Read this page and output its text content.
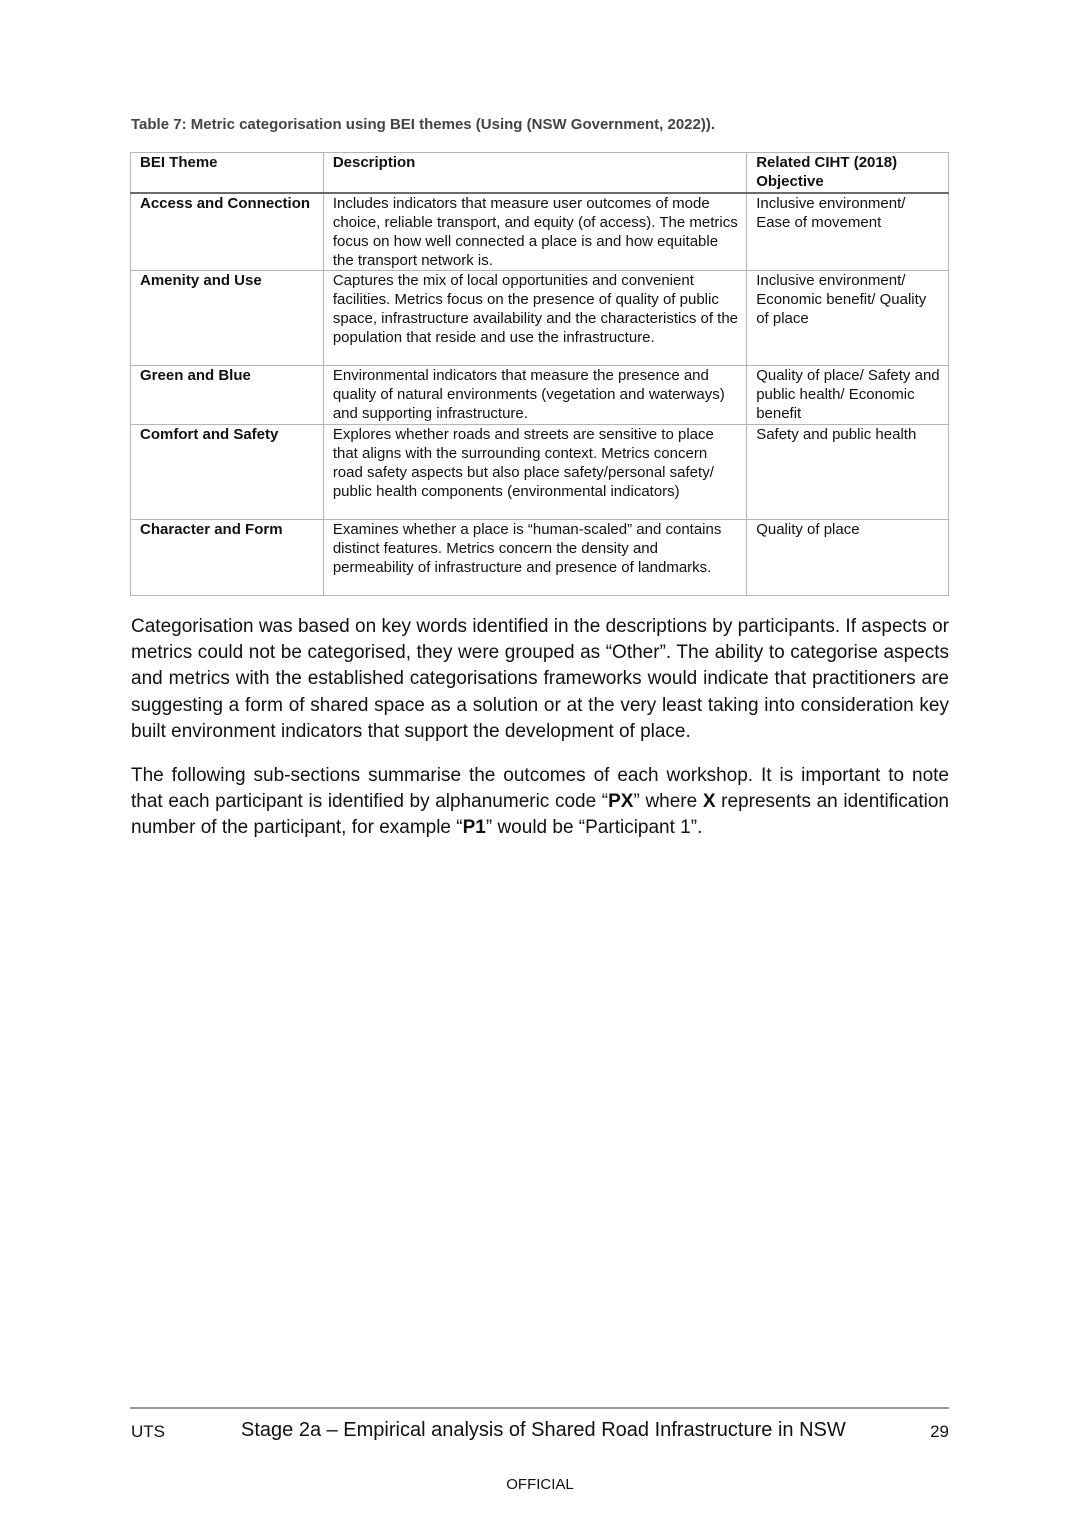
Table 7: Metric categorisation using BEI themes (Using (NSW Government, 2022)).
BEI Theme	Description	Related CIHT (2018) Objective
Access and Connection	Includes indicators that measure user outcomes of mode choice, reliable transport, and equity (of access). The metrics focus on how well connected a place is and how equitable the transport network is.	Inclusive environment/ Ease of movement
Amenity and Use	Captures the mix of local opportunities and convenient facilities. Metrics focus on the presence of quality of public space, infrastructure availability and the characteristics of the population that reside and use the infrastructure.	Inclusive environment/ Economic benefit/ Quality of place
Green and Blue	Environmental indicators that measure the presence and quality of natural environments (vegetation and waterways) and supporting infrastructure.	Quality of place/ Safety and public health/ Economic benefit
Comfort and Safety	Explores whether roads and streets are sensitive to place that aligns with the surrounding context. Metrics concern road safety aspects but also place safety/personal safety/ public health components (environmental indicators)	Safety and public health
Character and Form	Examines whether a place is “human-scaled” and contains distinct features. Metrics concern the density and permeability of infrastructure and presence of landmarks.	Quality of place

Categorisation was based on key words identified in the descriptions by participants. If aspects or metrics could not be categorised, they were grouped as “Other”. The ability to categorise aspects and metrics with the established categorisations frameworks would indicate that practitioners are suggesting a form of shared space as a solution or at the very least taking into consideration key built environment indicators that support the development of place.

The following sub-sections summarise the outcomes of each workshop. It is important to note that each participant is identified by alphanumeric code “PX” where X represents an identification number of the participant, for example “P1” would be “Participant 1”.

UTS	Stage 2a – Empirical analysis of Shared Road Infrastructure in NSW	29
OFFICIAL
